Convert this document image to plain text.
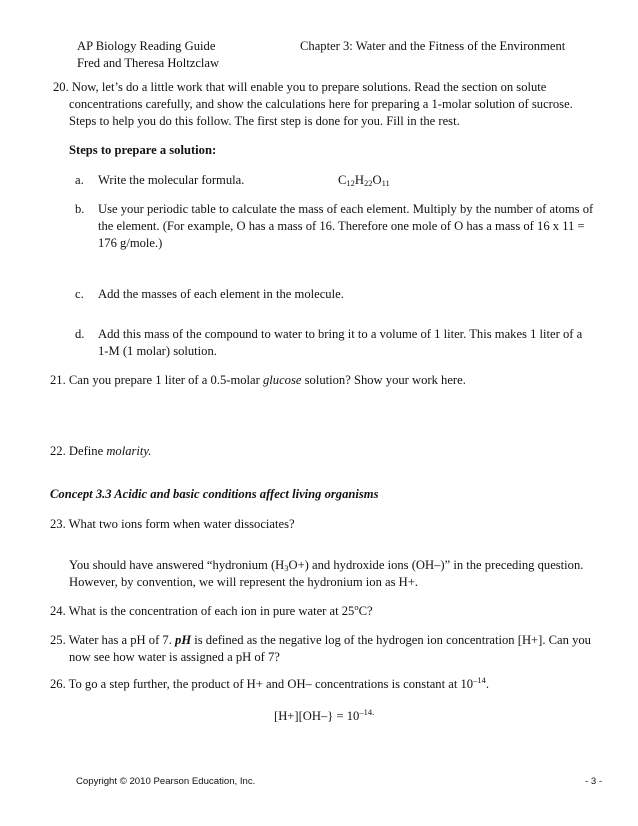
AP Biology Reading Guide
Fred and Theresa Holtzclaw
Chapter 3: Water and the Fitness of the Environment
20. Now, let’s do a little work that will enable you to prepare solutions. Read the section on solute
concentrations carefully, and show the calculations here for preparing a 1-molar solution of sucrose.
Steps to help you do this follow. The first step is done for you. Fill in the rest.
Steps to prepare a solution:
a. Write the molecular formula.	$C_{12}H_{22}O_{11}$
b. Use your periodic table to calculate the mass of each element. Multiply by the number of atoms of
the element. (For example, O has a mass of 16. Therefore one mole of O has a mass of 16 x 11 =
176 g/mole.)
c. Add the masses of each element in the molecule.
d. Add this mass of the compound to water to bring it to a volume of 1 liter. This makes 1 liter of a
1-M (1 molar) solution.
21. Can you prepare 1 liter of a 0.5-molar glucose solution? Show your work here.
22. Define molarity.
Concept 3.3 Acidic and basic conditions affect living organisms
23. What two ions form when water dissociates?
You should have answered “hydronium $(H_3O+)$ and hydroxide ions (OH–)” in the preceding question.
However, by convention, we will represent the hydronium ion as H+.
24. What is the concentration of each ion in pure water at 25$^o$C?
25. Water has a pH of 7. pH is defined as the negative log of the hydrogen ion concentration [H+]. Can you
now see how water is assigned a pH of 7?
26. To go a step further, the product of H+ and OH– concentrations is constant at $10^{-14}$.
$[H+][OH-\} = 10^{-14.}$
Copyright © 2010 Pearson Education, Inc.	- 3 -
